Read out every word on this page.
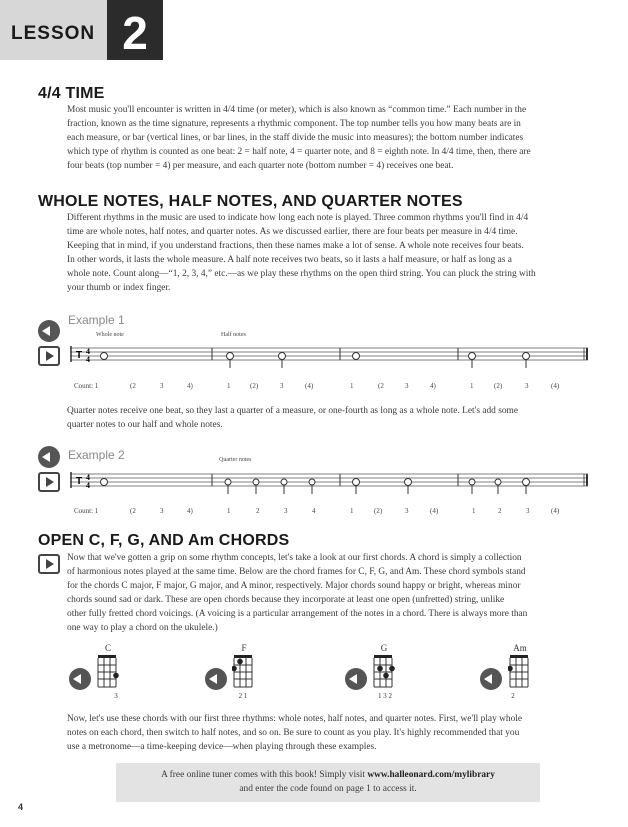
LESSON 2
4/4 TIME
Most music you'll encounter is written in 4/4 time (or meter), which is also known as “common time.” Each number in the
fraction, known as the time signature, represents a rhythmic component. The top number tells you how many beats are in
each measure, or bar (vertical lines, or bar lines, in the staff divide the music into measures); the bottom number indicates
which type of rhythm is counted as one beat: 2 = half note, 4 = quarter note, and 8 = eighth note. In 4/4 time, then, there are
four beats (top number = 4) per measure, and each quarter note (bottom number = 4) receives one beat.
WHOLE NOTES, HALF NOTES, AND QUARTER NOTES
Different rhythms in the music are used to indicate how long each note is played. Three common rhythms you'll find in 4/4
time are whole notes, half notes, and quarter notes. As we discussed earlier, there are four beats per measure in 4/4 time.
Keeping that in mind, if you understand fractions, then these names make a lot of sense. A whole note receives four beats.
In other words, it lasts the whole measure. A half note receives two beats, so it lasts a half measure, or half as long as a
whole note. Count along—“1, 2, 3, 4,” etc.—as we play these rhythms on the open third string. You can pluck the string with
your thumb or index finger.
Example 1
Whole note	Half notes
T 4
4
Count: 1	(2	3	4)	1	(2)	3	(4)	1	(2	3	4)	1	(2)	3	(4)
Quarter notes receive one beat, so they last a quarter of a measure, or one-fourth as long as a whole note. Let's add some
quarter notes to our half and whole notes.
Example 2	Quarter notes
T 4
4
Count: 1	(2	3	4)	1	2	3	4	1	(2)	3	(4)	1	2	3	(4)
OPEN C, F, G, AND Am CHORDS
Now that we've gotten a grip on some rhythm concepts, let's take a look at our first chords. A chord is simply a collection
of harmonious notes played at the same time. Below are the chord frames for C, F, G, and Am. These chord symbols stand
for the chords C major, F major, G major, and A minor, respectively. Major chords sound happy or bright, whereas minor
chords sound sad or dark. These are open chords because they incorporate at least one open (unfretted) string, unlike
other fully fretted chord voicings. (A voicing is a particular arrangement of the notes in a chord. There is always more than
one way to play a chord on the ukulele.)
C
3
F
2 1
G
1 3 2
Am
2
Now, let's use these chords with our first three rhythms: whole notes, half notes, and quarter notes. First, we'll play whole
notes on each chord, then switch to half notes, and so on. Be sure to count as you play. It's highly recommended that you
use a metronome—a time-keeping device—when playing through these examples.
A free online tuner comes with this book! Simply visit www.halleonard.com/mylibrary
and enter the code found on page 1 to access it.
4
